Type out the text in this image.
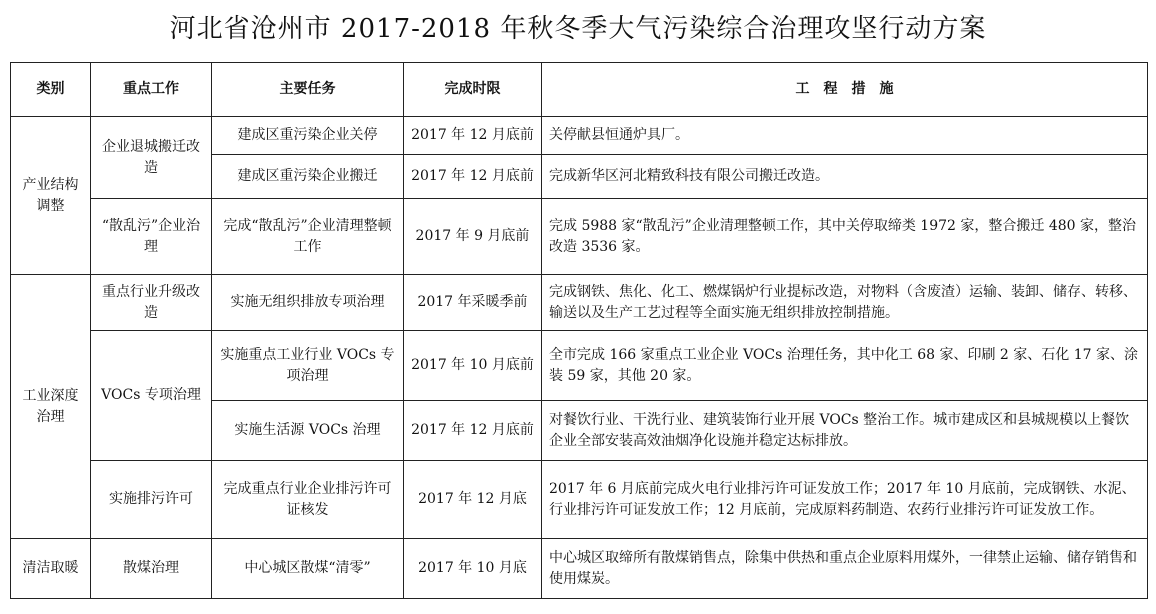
河北省沧州市 2017-2018 年秋冬季大气污染综合治理攻坚行动方案
类别	重点工作	主要任务	完成时限	工　程　措　施
产业结构调整	企业退城搬迁改造	建成区重污染企业关停	2017 年 12 月底前	关停献县恒通炉具厂。
		建成区重污染企业搬迁	2017 年 12 月底前	完成新华区河北精致科技有限公司搬迁改造。
	“散乱污”企业治理	完成“散乱污”企业清理整顿工作	2017 年 9 月底前	完成 5988 家“散乱污”企业清理整顿工作，其中关停取缔类 1972 家，整合搬迁 480 家，整治改造 3536 家。
工业深度治理	重点行业升级改造	实施无组织排放专项治理	2017 年采暖季前	完成钢铁、焦化、化工、燃煤锅炉行业提标改造，对物料（含废渣）运输、装卸、储存、转移、输送以及生产工艺过程等全面实施无组织排放控制措施。
	VOCs 专项治理	实施重点工业行业 VOCs 专项治理	2017 年 10 月底前	全市完成 166 家重点工业企业 VOCs 治理任务，其中化工 68 家、印刷 2 家、石化 17 家、涂装 59 家，其他 20 家。
		实施生活源 VOCs 治理	2017 年 12 月底前	对餐饮行业、干洗行业、建筑装饰行业开展 VOCs 整治工作。城市建成区和县城规模以上餐饮企业全部安装高效油烟净化设施并稳定达标排放。
	实施排污许可	完成重点行业企业排污许可证核发	2017 年 12 月底	2017 年 6 月底前完成火电行业排污许可证发放工作；2017 年 10 月底前，完成钢铁、水泥、行业排污许可证发放工作；12 月底前，完成原料药制造、农药行业排污许可证发放工作。
清洁取暖	散煤治理	中心城区散煤“清零”	2017 年 10 月底	中心城区取缔所有散煤销售点，除集中供热和重点企业原料用煤外，一律禁止运输、储存销售和使用煤炭。
